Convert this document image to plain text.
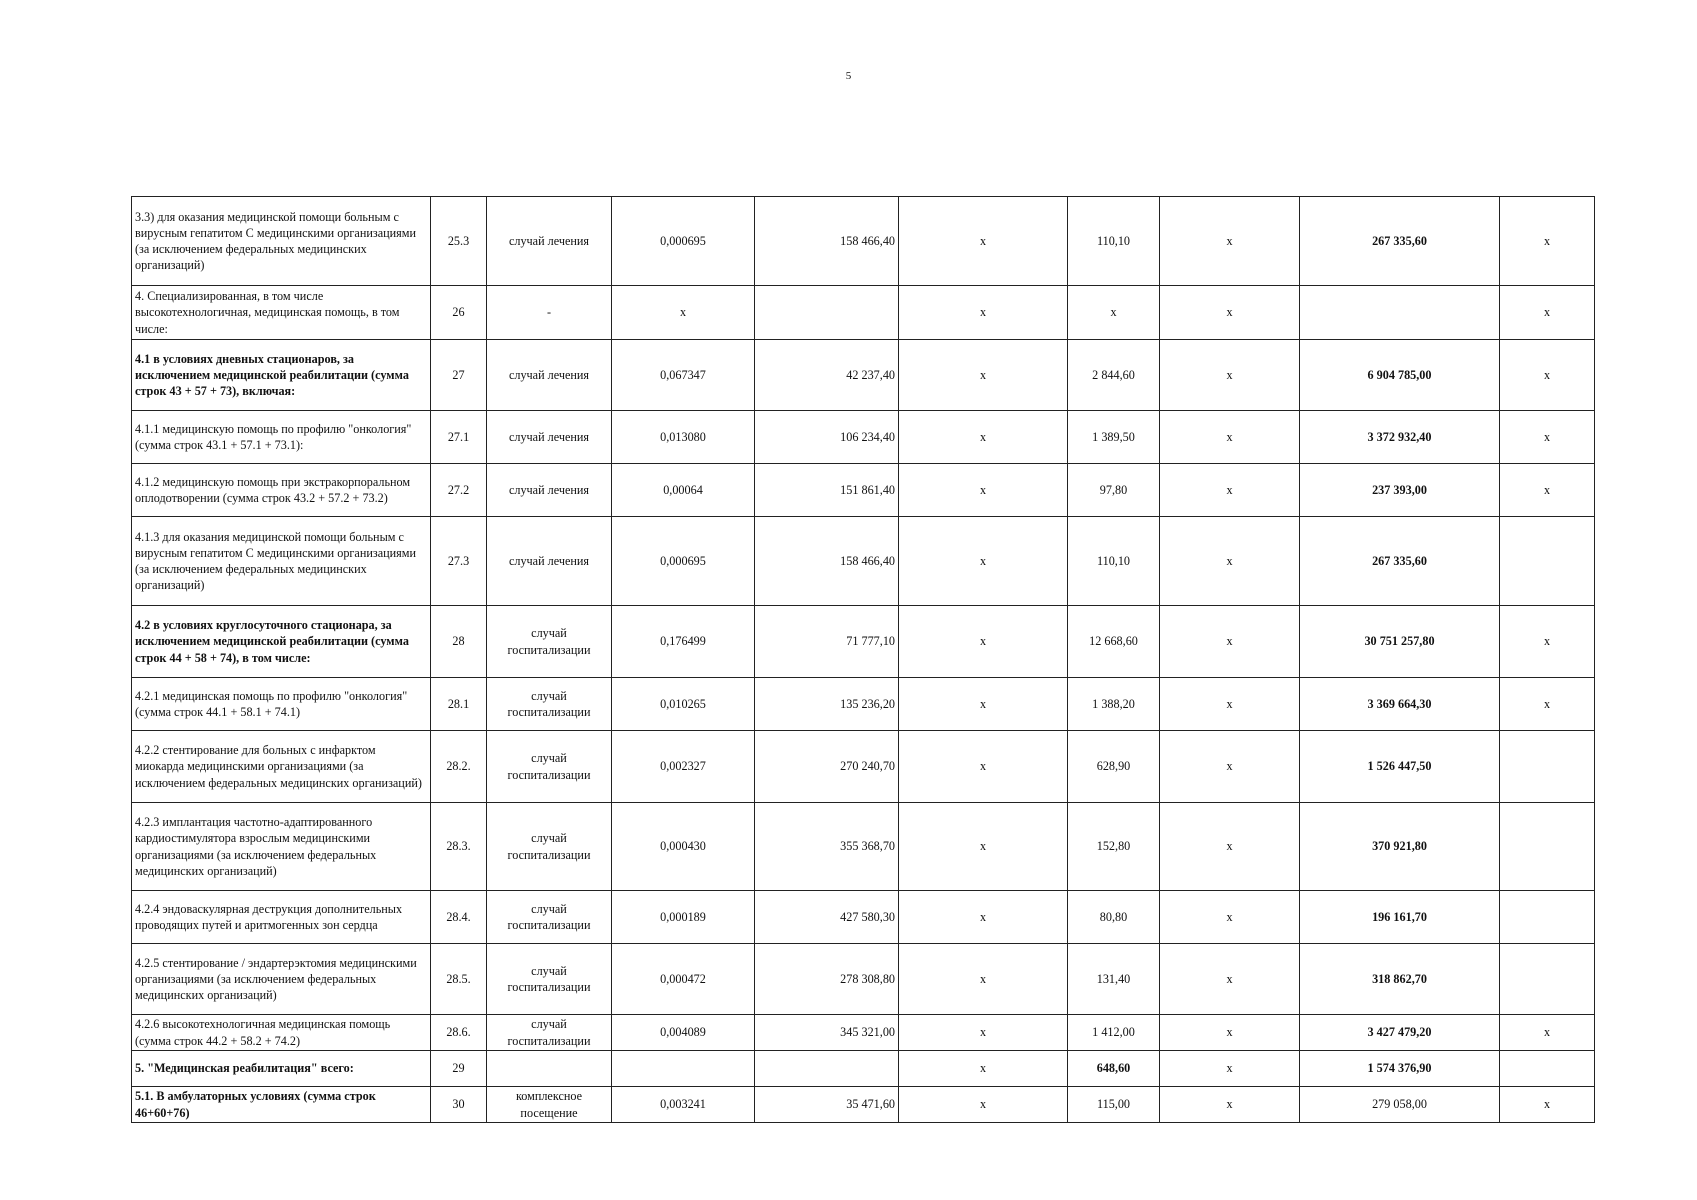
5
3.3) для оказания медицинской помощи больным с вирусным гепатитом С медицинскими организациями (за исключением федеральных медицинских организаций)	25.3	случай лечения	0,000695	158 466,40	х	110,10	х	267 335,60	х
4. Специализированная, в том числе высокотехнологичная, медицинская помощь, в том числе:	26	-	х		х	х	х		х
4.1 в условиях дневных стационаров, за исключением медицинской реабилитации (сумма строк 43 + 57 + 73), включая:	27	случай лечения	0,067347	42 237,40	х	2 844,60	х	6 904 785,00	х
4.1.1 медицинскую помощь по профилю "онкология" (сумма строк 43.1 + 57.1 + 73.1):	27.1	случай лечения	0,013080	106 234,40	х	1 389,50	х	3 372 932,40	х
4.1.2 медицинскую помощь при экстракорпоральном оплодотворении (сумма строк 43.2 + 57.2 + 73.2)	27.2	случай лечения	0,00064	151 861,40	х	97,80	х	237 393,00	х
4.1.3 для оказания медицинской помощи больным с вирусным гепатитом С медицинскими организациями (за исключением федеральных медицинских организаций)	27.3	случай лечения	0,000695	158 466,40	х	110,10	х	267 335,60	
4.2 в условиях круглосуточного стационара, за исключением медицинской реабилитации (сумма строк 44 + 58 + 74), в том числе:	28	случай госпитализации	0,176499	71 777,10	х	12 668,60	х	30 751 257,80	х
4.2.1 медицинская помощь по профилю "онкология" (сумма строк 44.1 + 58.1 + 74.1)	28.1	случай госпитализации	0,010265	135 236,20	х	1 388,20	х	3 369 664,30	х
4.2.2 стентирование для больных с инфарктом миокарда медицинскими организациями (за исключением федеральных медицинских организаций)	28.2.	случай госпитализации	0,002327	270 240,70	х	628,90	х	1 526 447,50	
4.2.3 имплантация частотно-адаптированного кардиостимулятора взрослым медицинскими организациями (за исключением федеральных медицинских организаций)	28.3.	случай госпитализации	0,000430	355 368,70	х	152,80	х	370 921,80	
4.2.4 эндоваскулярная деструкция дополнительных проводящих путей и аритмогенных зон сердца	28.4.	случай госпитализации	0,000189	427 580,30	х	80,80	х	196 161,70	
4.2.5 стентирование / эндартерэктомия медицинскими организациями (за исключением федеральных медицинских организаций)	28.5.	случай госпитализации	0,000472	278 308,80	х	131,40	х	318 862,70	
4.2.6 высокотехнологичная медицинская помощь (сумма строк 44.2 + 58.2 + 74.2)	28.6.	случай госпитализации	0,004089	345 321,00	х	1 412,00	х	3 427 479,20	х
5. "Медицинская реабилитация" всего:	29				х	648,60	х	1 574 376,90	
5.1. В амбулаторных условиях (сумма строк 46+60+76)	30	комплексное посещение	0,003241	35 471,60	х	115,00	х	279 058,00	х
